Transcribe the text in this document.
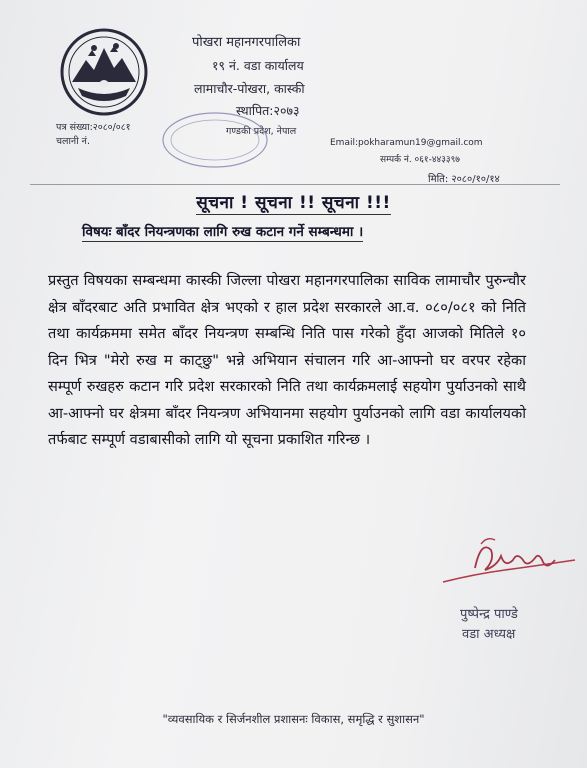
पोखरा महानगरपालिका
१९ नं. वडा कार्यालय
लामाचौर-पोखरा, कास्की
स्थापित:२०७३
गण्डकी प्रदेश, नेपाल
पत्र संख्या:२०८०/०८१
चलानी नं.	Email:pokharamun19@gmail.com
सम्पर्क नं. ०६१-४४३३९७
मिति: २०८०/१०/१४
सूचना ! सूचना !! सूचना !!!
विषयः बाँदर नियन्त्रणका लागि रुख कटान गर्ने सम्बन्धमा ।
प्रस्तुत विषयका सम्बन्धमा कास्की जिल्ला पोखरा महानगरपालिका साविक लामाचौर पुरुन्चौर क्षेत्र बाँदरबाट अति प्रभावित क्षेत्र भएको र हाल प्रदेश सरकारले आ.व. ०८०/०८१ को निति तथा कार्यक्रममा समेत बाँदर नियन्त्रण सम्बन्धि निति पास गरेको हुँदा आजको मितिले १० दिन भित्र "मेरो रुख म काट्छु" भन्ने अभियान संचालन गरि आ-आफ्नो घर वरपर रहेका सम्पूर्ण रुखहरु कटान गरि प्रदेश सरकारको निति तथा कार्यक्रमलाई सहयोग पुर्याउनको साथै आ-आफ्नो घर क्षेत्रमा बाँदर नियन्त्रण अभियानमा सहयोग पुर्याउनको लागि वडा कार्यालयको तर्फबाट सम्पूर्ण वडाबासीको लागि यो सूचना प्रकाशित गरिन्छ ।
पुष्पेन्द्र पाण्डे
वडा अध्यक्ष
"व्यवसायिक र सिर्जनशील प्रशासनः विकास, समृद्धि र सुशासन"
